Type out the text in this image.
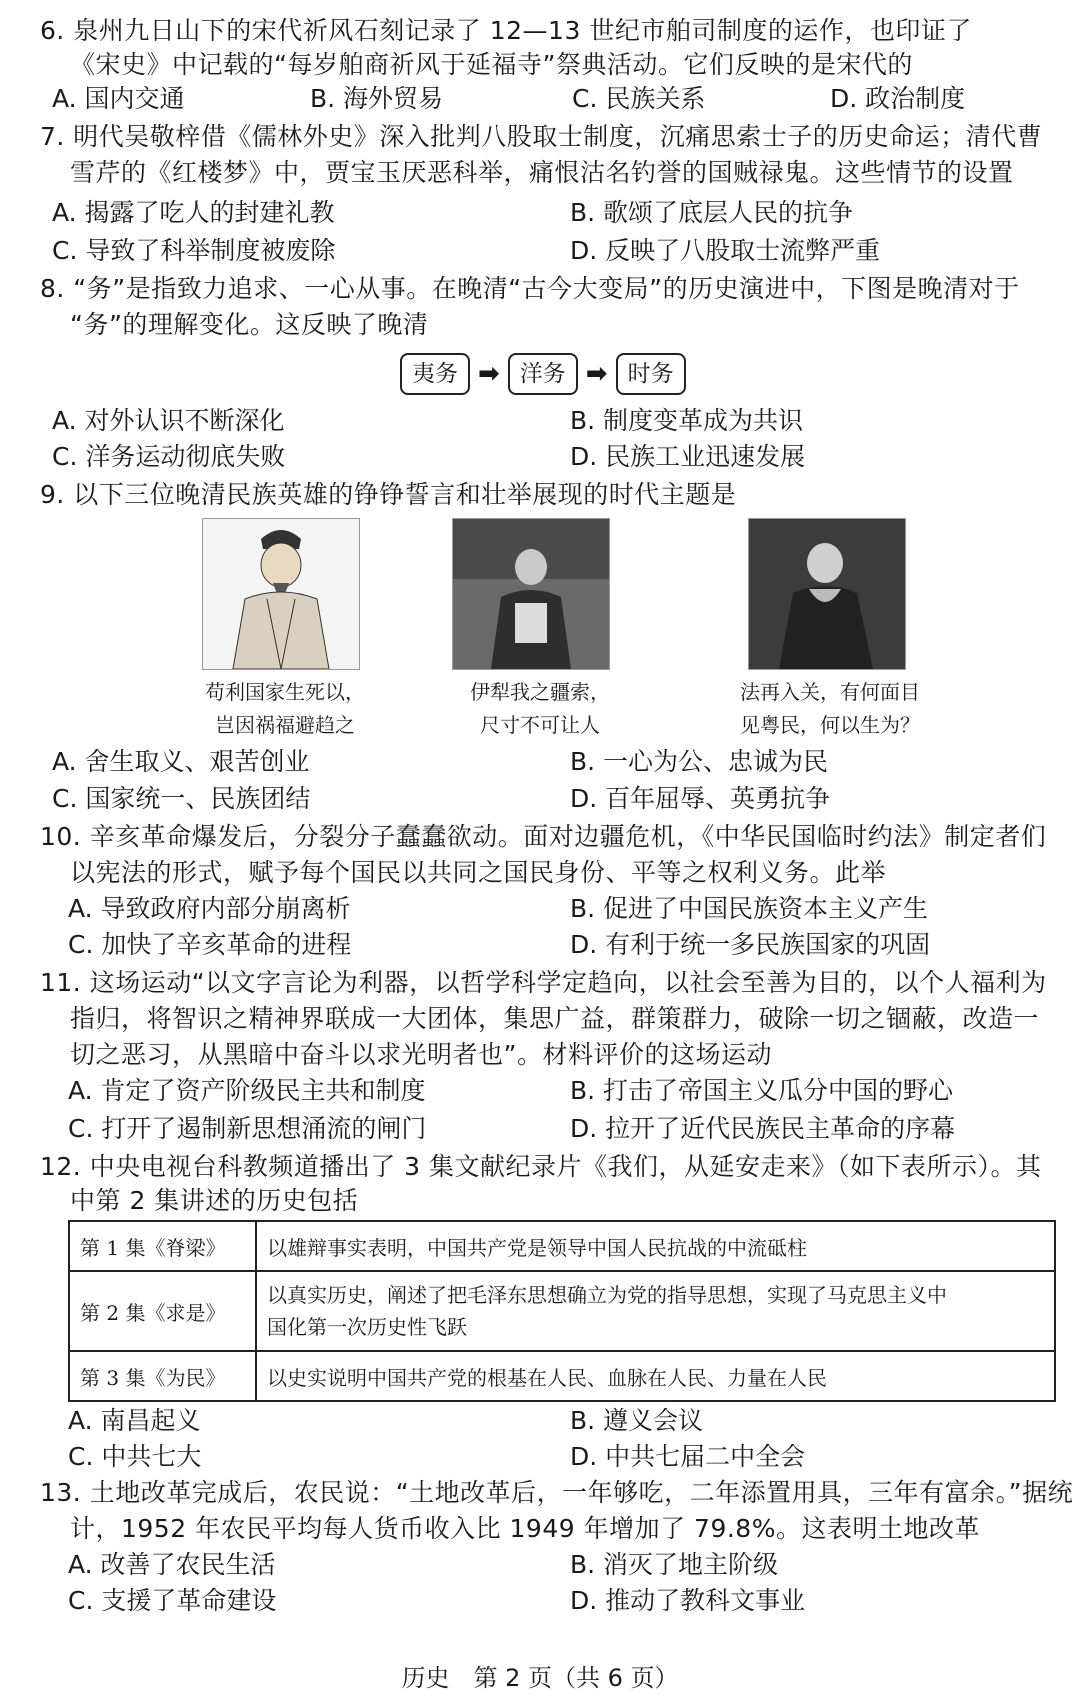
6. 泉州九日山下的宋代祈风石刻记录了 12—13 世纪市舶司制度的运作，也印证了
《宋史》中记载的“每岁舶商祈风于延福寺”祭典活动。它们反映的是宋代的
A. 国内交通	B. 海外贸易	C. 民族关系	D. 政治制度
7. 明代吴敬梓借《儒林外史》深入批判八股取士制度，沉痛思索士子的历史命运；清代曹
雪芹的《红楼梦》中，贾宝玉厌恶科举，痛恨沽名钓誉的国贼禄鬼。这些情节的设置
A. 揭露了吃人的封建礼教	B. 歌颂了底层人民的抗争
C. 导致了科举制度被废除	D. 反映了八股取士流弊严重
8. “务”是指致力追求、一心从事。在晚清“古今大变局”的历史演进中，下图是晚清对于
“务”的理解变化。这反映了晚清
夷务 ➡ 洋务 ➡ 时务
A. 对外认识不断深化	B. 制度变革成为共识
C. 洋务运动彻底失败	D. 民族工业迅速发展
9. 以下三位晚清民族英雄的铮铮誓言和壮举展现的时代主题是
苟利国家生死以，
岂因祸福避趋之
伊犁我之疆索，
尺寸不可让人
法再入关，有何面目
见粤民，何以生为？
A. 舍生取义、艰苦创业	B. 一心为公、忠诚为民
C. 国家统一、民族团结	D. 百年屈辱、英勇抗争
10. 辛亥革命爆发后，分裂分子蠢蠢欲动。面对边疆危机，《中华民国临时约法》制定者们
以宪法的形式，赋予每个国民以共同之国民身份、平等之权利义务。此举
A. 导致政府内部分崩离析	B. 促进了中国民族资本主义产生
C. 加快了辛亥革命的进程	D. 有利于统一多民族国家的巩固
11. 这场运动“以文字言论为利器，以哲学科学定趋向，以社会至善为目的，以个人福利为
指归，将智识之精神界联成一大团体，集思广益，群策群力，破除一切之锢蔽，改造一
切之恶习，从黑暗中奋斗以求光明者也”。材料评价的这场运动
A. 肯定了资产阶级民主共和制度	B. 打击了帝国主义瓜分中国的野心
C. 打开了遏制新思想涌流的闸门	D. 拉开了近代民族民主革命的序幕
12. 中央电视台科教频道播出了 3 集文献纪录片《我们，从延安走来》（如下表所示）。其
中第 2 集讲述的历史包括
第 1 集《脊梁》	以雄辩事实表明，中国共产党是领导中国人民抗战的中流砥柱
第 2 集《求是》	以真实历史，阐述了把毛泽东思想确立为党的指导思想，实现了马克思主义中
国化第一次历史性飞跃

第 3 集《为民》	以史实说明中国共产党的根基在人民、血脉在人民、力量在人民
A. 南昌起义	B. 遵义会议
C. 中共七大	D. 中共七届二中全会
13. 土地改革完成后，农民说：“土地改革后，一年够吃，二年添置用具，三年有富余。”据统
计，1952 年农民平均每人货币收入比 1949 年增加了 79.8%。这表明土地改革
A. 改善了农民生活	B. 消灭了地主阶级
C. 支援了革命建设	D. 推动了教科文事业
历史　第 2 页（共 6 页）
